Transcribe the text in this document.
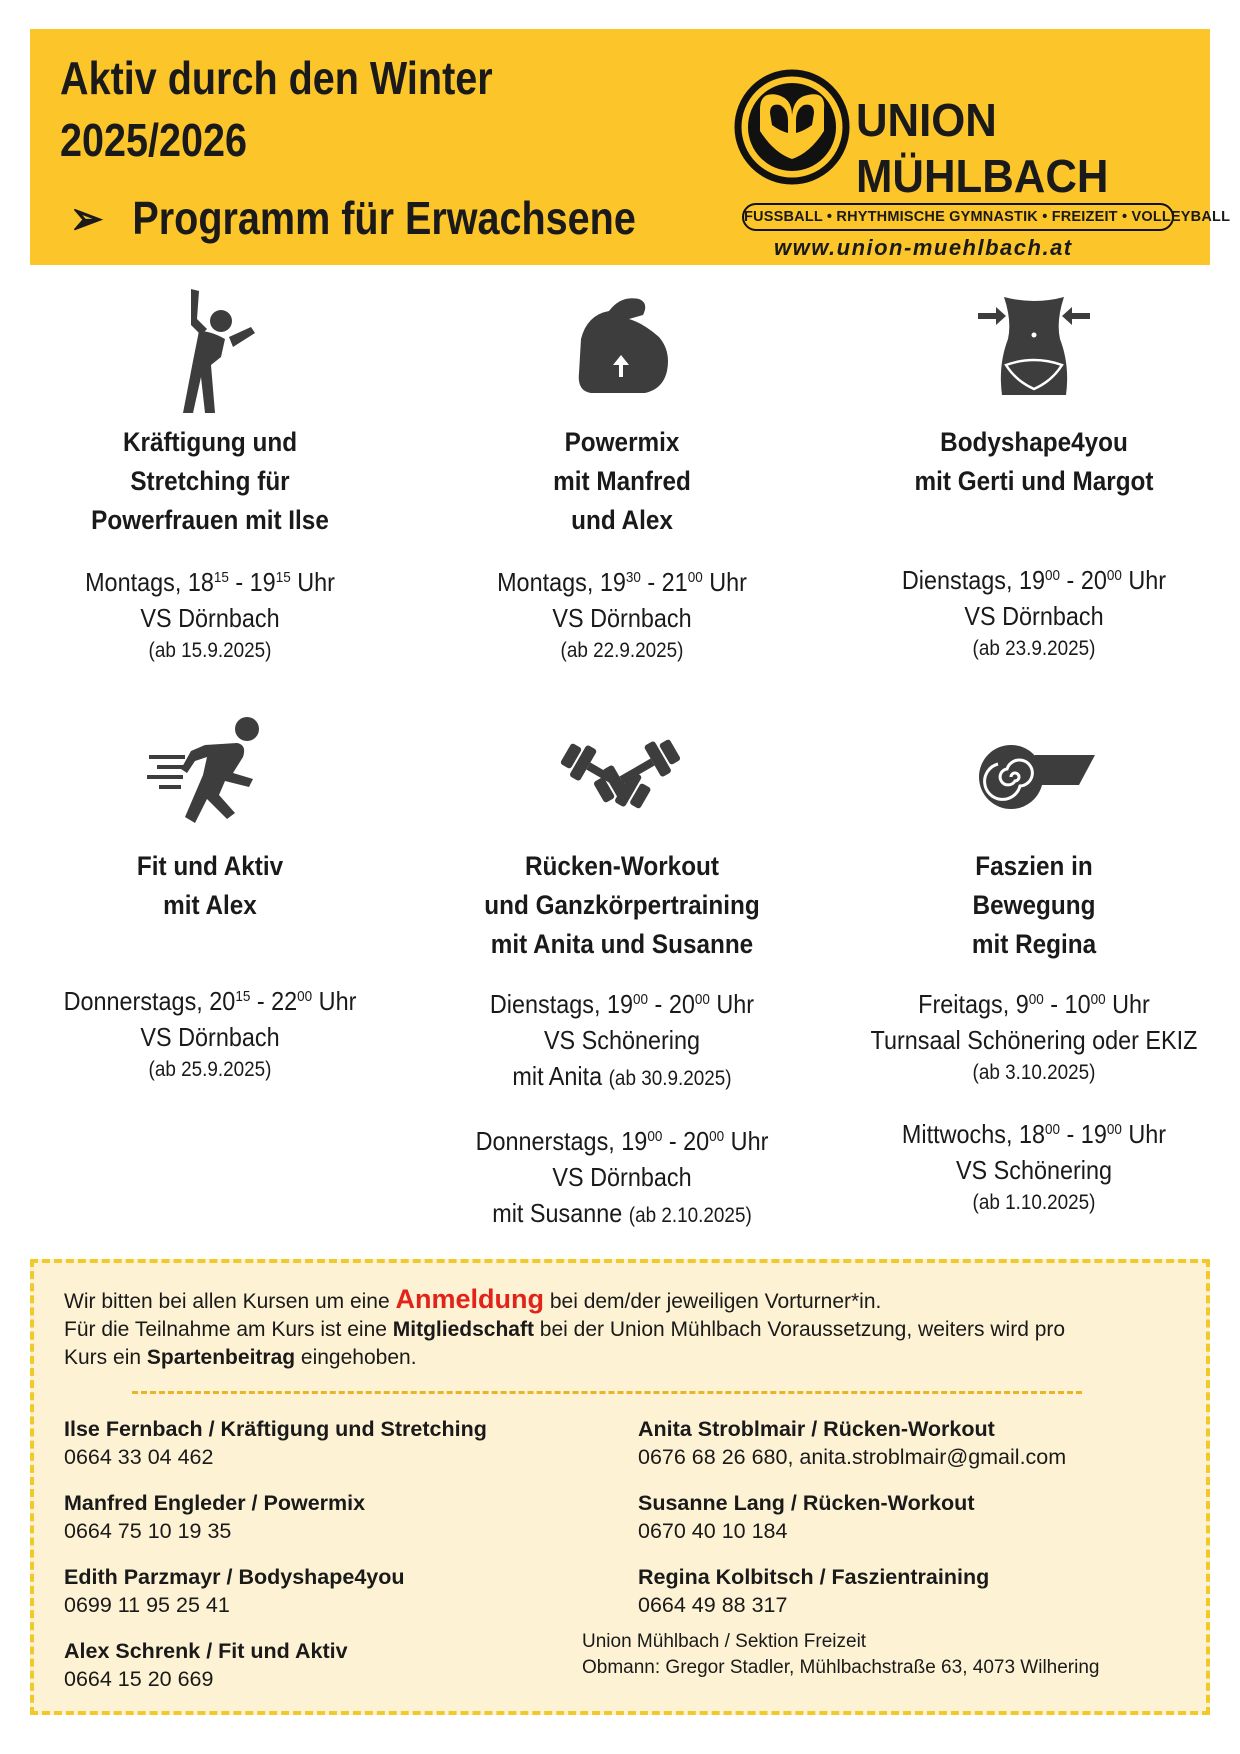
Aktiv durch den Winter
2025/2026
➢ Programm für Erwachsene
UNION
MÜHLBACH
FUSSBALL • RHYTHMISCHE GYMNASTIK • FREIZEIT • VOLLEYBALL
www.union-muehlbach.at
Kräftigung und
Stretching für
Powerfrauen mit Ilse
Montags, $18^{15} - 19^{15}$ Uhr
VS Dörnbach
(ab 15.9.2025)
Powermix
mit Manfred
und Alex
Montags, $19^{30} - 21^{00}$ Uhr
VS Dörnbach
(ab 22.9.2025)
Bodyshape4you
mit Gerti und Margot
Dienstags, $19^{00} - 20^{00}$ Uhr
VS Dörnbach
(ab 23.9.2025)
Fit und Aktiv
mit Alex
Donnerstags, $20^{15} - 22^{00}$ Uhr
VS Dörnbach
(ab 25.9.2025)
Rücken-Workout
und Ganzkörpertraining
mit Anita und Susanne
Dienstags, $19^{00} - 20^{00}$ Uhr
VS Schönering
mit Anita (ab 30.9.2025)
Donnerstags, $19^{00} - 20^{00}$ Uhr
VS Dörnbach
mit Susanne (ab 2.10.2025)
Faszien in
Bewegung
mit Regina
Freitags, $9^{00} - 10^{00}$ Uhr
Turnsaal Schönering oder EKIZ
(ab 3.10.2025)
Mittwochs, $18^{00} - 19^{00}$ Uhr
VS Schönering
(ab 1.10.2025)
Wir bitten bei allen Kursen um eine Anmeldung bei dem/der jeweiligen Vorturner*in.
Für die Teilnahme am Kurs ist eine Mitgliedschaft bei der Union Mühlbach Voraussetzung, weiters wird pro
Kurs ein Spartenbeitrag eingehoben.
Ilse Fernbach / Kräftigung und Stretching
0664 33 04 462
Manfred Engleder / Powermix
0664 75 10 19 35
Edith Parzmayr / Bodyshape4you
0699 11 95 25 41
Alex Schrenk / Fit und Aktiv
0664 15 20 669
Anita Stroblmair / Rücken-Workout
0676 68 26 680, anita.stroblmair@gmail.com
Susanne Lang / Rücken-Workout
0670 40 10 184
Regina Kolbitsch / Faszientraining
0664 49 88 317
Union Mühlbach / Sektion Freizeit
Obmann: Gregor Stadler, Mühlbachstraße 63, 4073 Wilhering
